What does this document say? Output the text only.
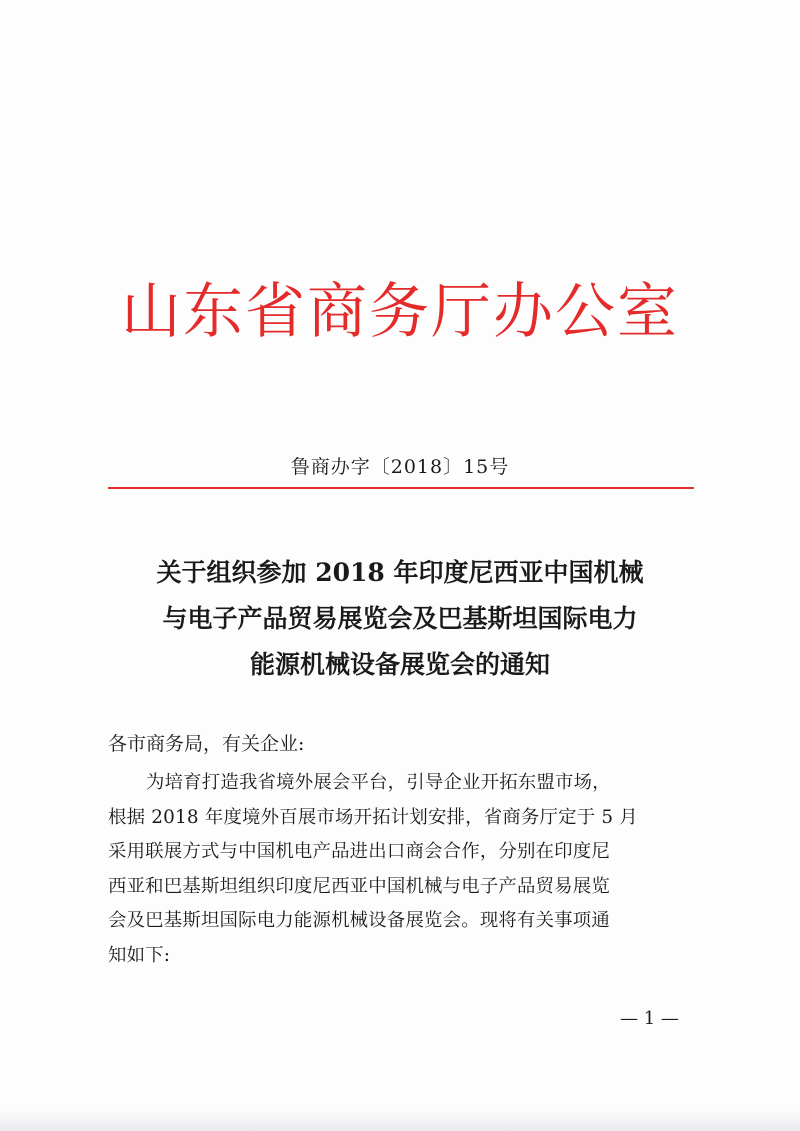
山东省商务厅办公室
鲁商办字〔2018〕15号
关于组织参加 2018 年印度尼西亚中国机械
与电子产品贸易展览会及巴基斯坦国际电力
能源机械设备展览会的通知
各市商务局，有关企业:
为培育打造我省境外展会平台，引导企业开拓东盟市场，
根据 2018 年度境外百展市场开拓计划安排，省商务厅定于 5 月
采用联展方式与中国机电产品进出口商会合作，分别在印度尼
西亚和巴基斯坦组织印度尼西亚中国机械与电子产品贸易展览
会及巴基斯坦国际电力能源机械设备展览会。现将有关事项通
知如下:
— 1 —
